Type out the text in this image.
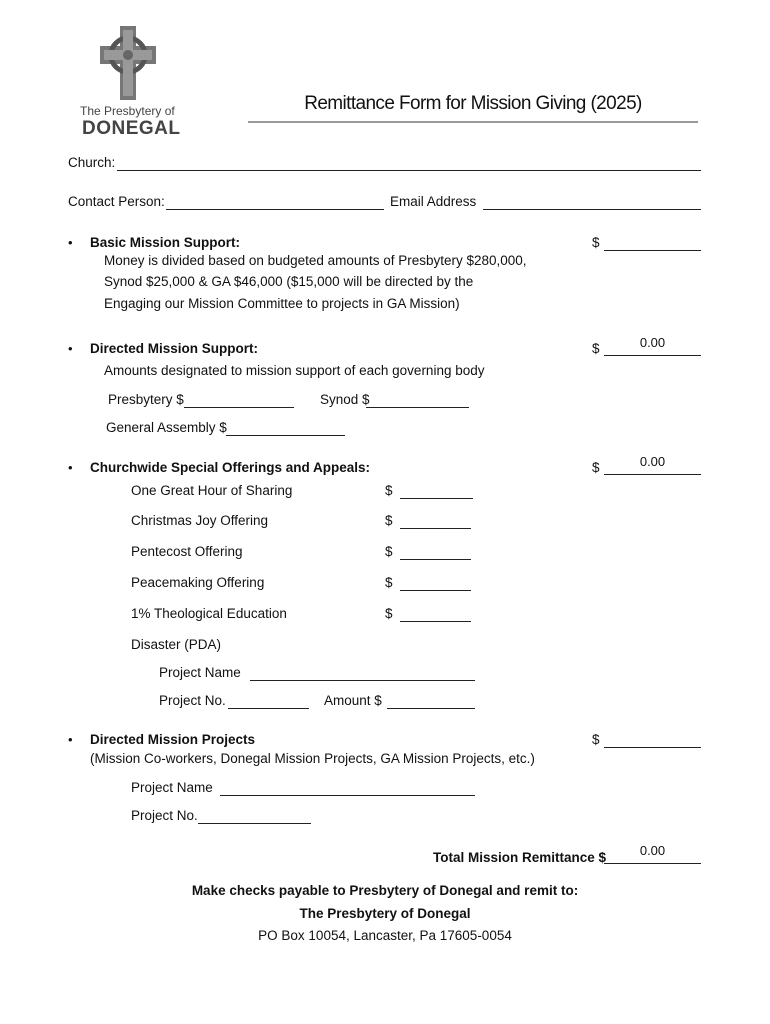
The Presbytery of
DONEGAL
Remittance Form for Mission Giving (2025)
Church:
Contact Person:	Email Address
• Basic Mission Support:
Money is divided based on budgeted amounts of Presbytery $280,000,
Synod $25,000 & GA $46,000 ($15,000 will be directed by the
Engaging our Mission Committee to projects in GA Mission)
$
• Directed Mission Support:
Amounts designated to mission support of each governing body
$	0.00
Presbytery $	Synod $
General Assembly $
• Churchwide Special Offerings and Appeals:	$	0.00
One Great Hour of Sharing	$
Christmas Joy Offering	$
Pentecost Offering	$
Peacemaking Offering	$
1% Theological Education	$
Disaster (PDA)
Project Name
Project No.	Amount $
• Directed Mission Projects
(Mission Co-workers, Donegal Mission Projects, GA Mission Projects, etc.)
$
Project Name
Project No.
Total Mission Remittance $	0.00
Make checks payable to Presbytery of Donegal and remit to:
The Presbytery of Donegal
PO Box 10054, Lancaster, Pa 17605-0054
